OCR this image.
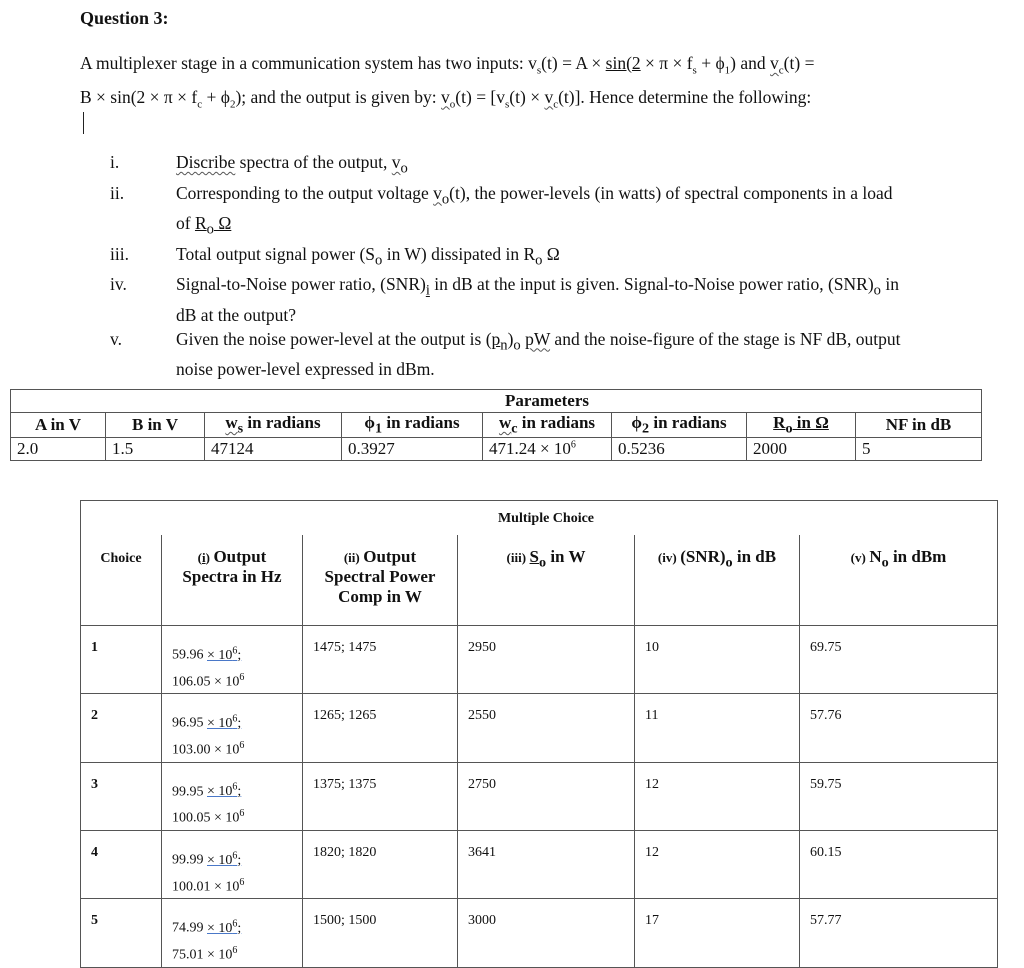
Question 3:
A multiplexer stage in a communication system has two inputs: $v_s(t) = A \times \sin(2 \times \pi \times f_s + \phi_1)$ and $v_c(t)$ =
$B \times \sin(2 \times \pi \times f_c + \phi_2)$; and the output is given by: $v_o(t) = [v_s(t) \times v_c(t)]$. Hence determine the following:
i.	Discribe spectra of the output, $v_o$
ii.	Corresponding to the output voltage $v_o(t)$, the power-levels (in watts) of spectral components in a load of $R_o$ Ω
iii.	Total output signal power ($S_o$ in W) dissipated in $R_o$ Ω
iv.	Signal-to-Noise power ratio, $(SNR)_i$ in dB at the input is given. Signal-to-Noise power ratio, $(SNR)_o$ in dB at the output?
v.	Given the noise power-level at the output is $(p_n)_o$ pW and the noise-figure of the stage is NF dB, output noise power-level expressed in dBm.
				Parameters			
A in V	B in V	$w_s$ in radians	$\phi_1$ in radians	$w_c$ in radians	$\phi_2$ in radians	$R_o$ in Ω	NF in dB
2.0	1.5	47124	0.3927	$471.24 \times 10^6$	0.5236	2000	5
			Multiple Choice		
Choice	(i) Output Spectra in Hz	(ii) Output Spectral Power Comp in W	(iii) $S_o$ in W	(iv) $(SNR)_o$ in dB	(v) $N_o$ in dBm
1	$59.96 \times 10^6$;
$106.05 \times 10^6$	1475; 1475	2950	10	69.75
2	$96.95 \times 10^6$;
$103.00 \times 10^6$	1265; 1265	2550	11	57.76
3	$99.95 \times 10^6$;
$100.05 \times 10^6$	1375; 1375	2750	12	59.75
4	$99.99 \times 10^6$;
$100.01 \times 10^6$	1820; 1820	3641	12	60.15
5	$74.99 \times 10^6$;
$75.01 \times 10^6$	1500; 1500	3000	17	57.77
